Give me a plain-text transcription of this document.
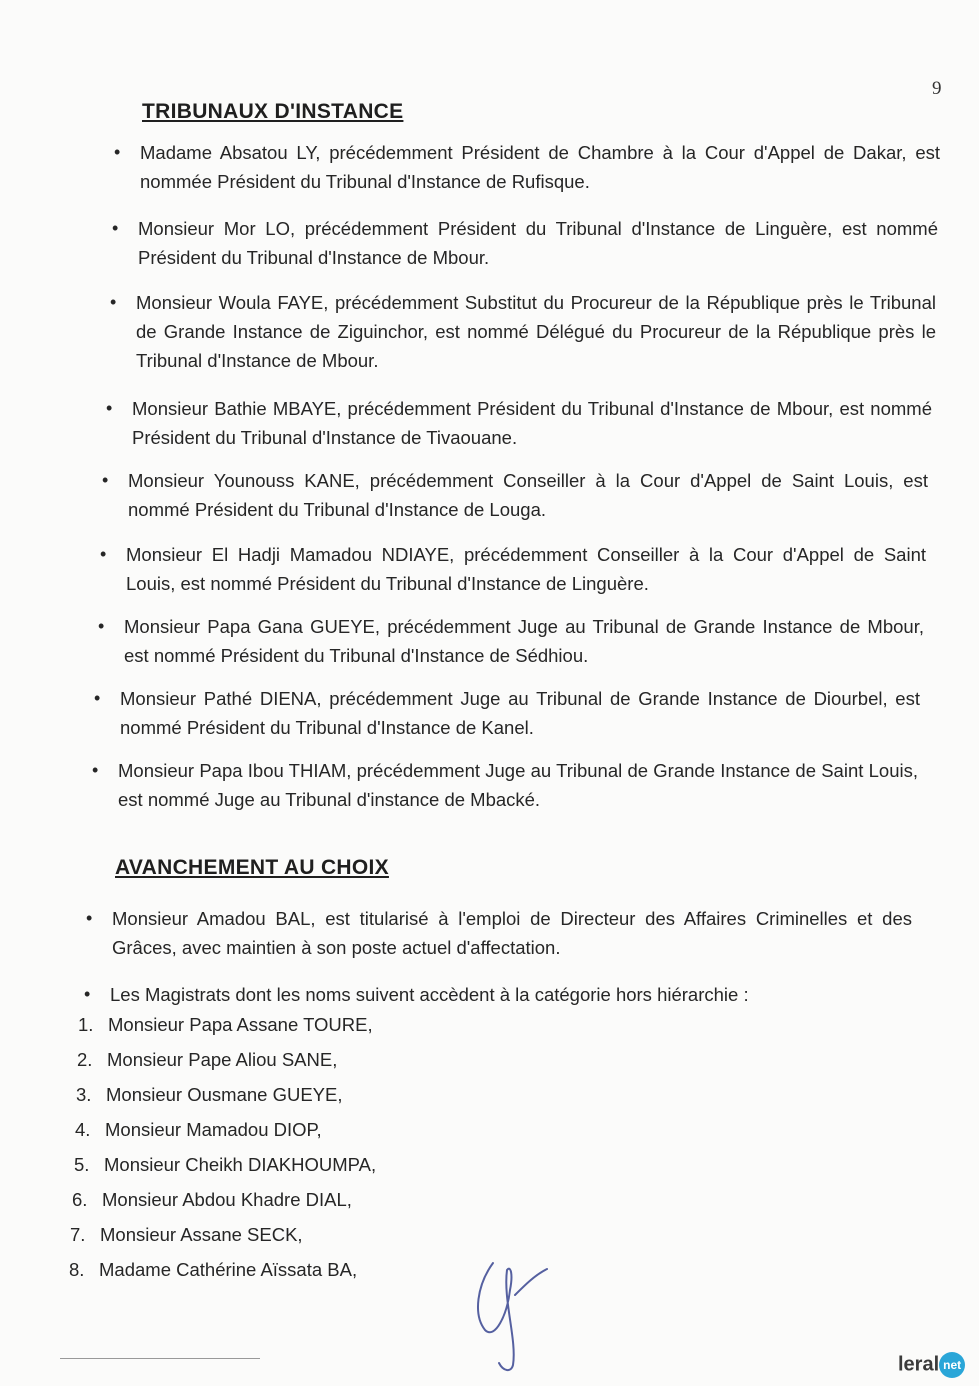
9
TRIBUNAUX D'INSTANCE

• Madame Absatou LY, précédemment Président de Chambre à la Cour d'Appel de Dakar, est nommée Président du Tribunal d'Instance de Rufisque.

• Monsieur Mor LO, précédemment Président du Tribunal d'Instance de Linguère, est nommé Président du Tribunal d'Instance de Mbour.

• Monsieur Woula FAYE, précédemment Substitut du Procureur de la République près le Tribunal de Grande Instance de Ziguinchor, est nommé Délégué du Procureur de la République près le Tribunal d'Instance de Mbour.

• Monsieur Bathie MBAYE, précédemment Président du Tribunal d'Instance de Mbour, est nommé Président du Tribunal d'Instance de Tivaouane.

• Monsieur Younouss KANE, précédemment Conseiller à la Cour d'Appel de Saint Louis, est nommé Président du Tribunal d'Instance de Louga.

• Monsieur El Hadji Mamadou NDIAYE, précédemment Conseiller à la Cour d'Appel de Saint Louis, est nommé Président du Tribunal d'Instance de Linguère.

• Monsieur Papa Gana GUEYE, précédemment Juge au Tribunal de Grande Instance de Mbour, est nommé Président du Tribunal d'Instance de Sédhiou.

• Monsieur Pathé DIENA, précédemment Juge au Tribunal de Grande Instance de Diourbel, est nommé Président du Tribunal d'Instance de Kanel.

• Monsieur Papa Ibou THIAM, précédemment Juge au Tribunal de Grande Instance de Saint Louis, est nommé Juge au Tribunal d'instance de Mbacké.

AVANCHEMENT AU CHOIX

• Monsieur Amadou BAL, est titularisé à l'emploi de Directeur des Affaires Criminelles et des Grâces, avec maintien à son poste actuel d'affectation.

• Les Magistrats dont les noms suivent accèdent à la catégorie hors hiérarchie :

1. Monsieur Papa Assane TOURE,
2. Monsieur Pape Aliou SANE,
3. Monsieur Ousmane GUEYE,
4. Monsieur Mamadou DIOP,
5. Monsieur Cheikh DIAKHOUMPA,
6. Monsieur Abdou Khadre DIAL,
7. Monsieur Assane SECK,
8. Madame Cathérine Aïssata BA,
leral net
